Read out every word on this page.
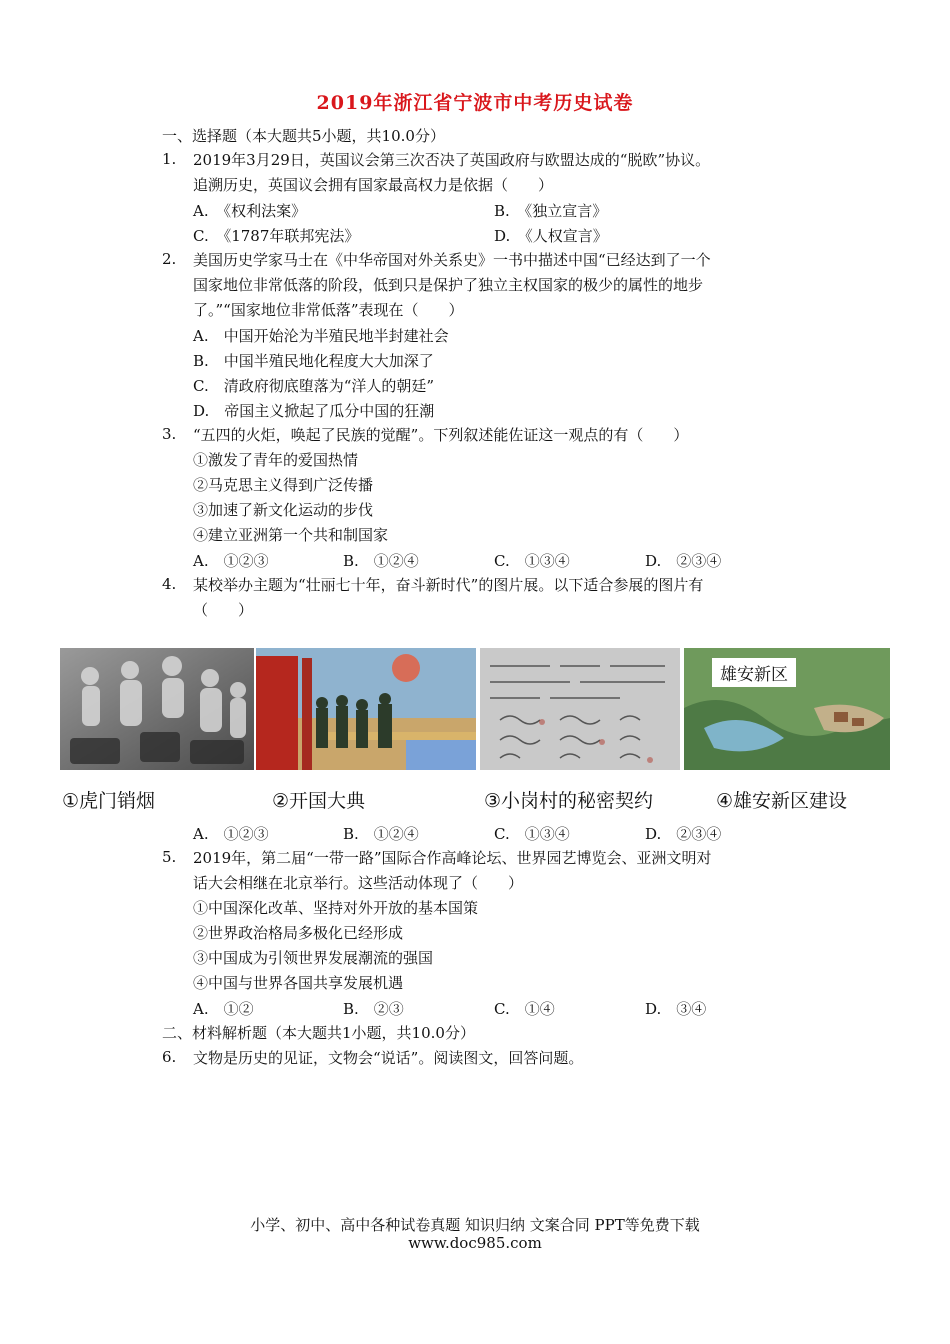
2019年浙江省宁波市中考历史试卷
一、选择题（本大题共5小题，共10.0分）
1. 2019年3月29日，英国议会第三次否决了英国政府与欧盟达成的“脱欧”协议。
追溯历史，英国议会拥有国家最高权力是依据（　　）
A.　《权利法案》	B.　《独立宣言》
C.　《1787年联邦宪法》	D.　《人权宣言》
2. 美国历史学家马士在《中华帝国对外关系史》一书中描述中国“已经达到了一个
国家地位非常低落的阶段，低到只是保护了独立主权国家的极少的属性的地步
了。”“国家地位非常低落”表现在（　　）
A.　中国开始沦为半殖民地半封建社会
B.　中国半殖民地化程度大大加深了
C.　清政府彻底堕落为“洋人的朝廷”
D.　帝国主义掀起了瓜分中国的狂潮
3. “五四的火炬，唤起了民族的觉醒”。下列叙述能佐证这一观点的有（　　）
①激发了青年的爱国热情
②马克思主义得到广泛传播
③加速了新文化运动的步伐
④建立亚洲第一个共和制国家
A.　①②③	B.　①②④	C.　①③④	D.　②③④
4. 某校举办主题为“壮丽七十年，奋斗新时代”的图片展。以下适合参展的图片有
（　　）
雄安新区
①虎门销烟	②开国大典	③小岗村的秘密契约	④雄安新区建设
A.　①②③	B.　①②④	C.　①③④	D.　②③④
5. 2019年，第二届“一带一路”国际合作高峰论坛、世界园艺博览会、亚洲文明对
话大会相继在北京举行。这些活动体现了（　　）
①中国深化改革、坚持对外开放的基本国策
②世界政治格局多极化已经形成
③中国成为引领世界发展潮流的强国
④中国与世界各国共享发展机遇
A.　①②	B.　②③	C.　①④	D.　③④
二、材料解析题（本大题共1小题，共10.0分）
6. 文物是历史的见证，文物会“说话”。阅读图文，回答问题。
小学、初中、高中各种试卷真题 知识归纳 文案合同 PPT等免费下载
www.doc985.com
